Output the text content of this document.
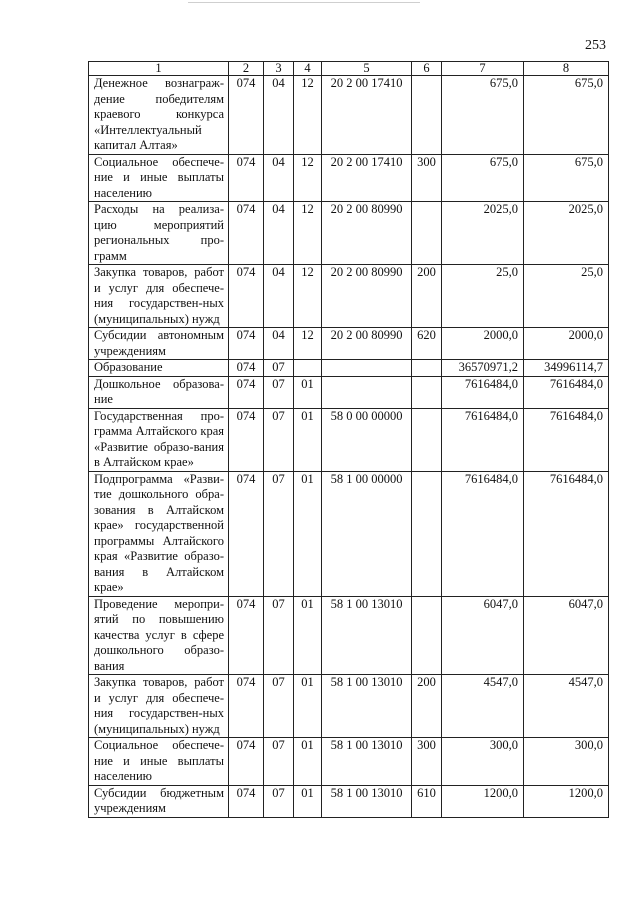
253
1	2	3	4	5	6	7	8
Денежное вознаграж-дение победителям краевого конкурса «Интеллектуальный капитал Алтая»	074	04	12	20 2 00 17410		675,0	675,0
Социальное обеспече-ние и иные выплаты населению	074	04	12	20 2 00 17410	300	675,0	675,0
Расходы на реализа-цию мероприятий региональных про-грамм	074	04	12	20 2 00 80990		2025,0	2025,0
Закупка товаров, работ и услуг для обеспече-ния государствен-ных (муниципальных) нужд	074	04	12	20 2 00 80990	200	25,0	25,0
Субсидии автономным учреждениям	074	04	12	20 2 00 80990	620	2000,0	2000,0
Образование	074	07				36570971,2	34996114,7
Дошкольное образова-ние	074	07	01			7616484,0	7616484,0
Государственная про-грамма Алтайского края «Развитие образо-вания в Алтайском крае»	074	07	01	58 0 00 00000		7616484,0	7616484,0
Подпрограмма «Разви-тие дошкольного обра-зования в Алтайском крае» государственной программы Алтайского края «Развитие образо-вания в Алтайском крае»	074	07	01	58 1 00 00000		7616484,0	7616484,0
Проведение меропри-ятий по повышению качества услуг в сфере дошкольного образо-вания	074	07	01	58 1 00 13010		6047,0	6047,0
Закупка товаров, работ и услуг для обеспече-ния государствен-ных (муниципальных) нужд	074	07	01	58 1 00 13010	200	4547,0	4547,0
Социальное обеспече-ние и иные выплаты населению	074	07	01	58 1 00 13010	300	300,0	300,0
Субсидии бюджетным учреждениям	074	07	01	58 1 00 13010	610	1200,0	1200,0
